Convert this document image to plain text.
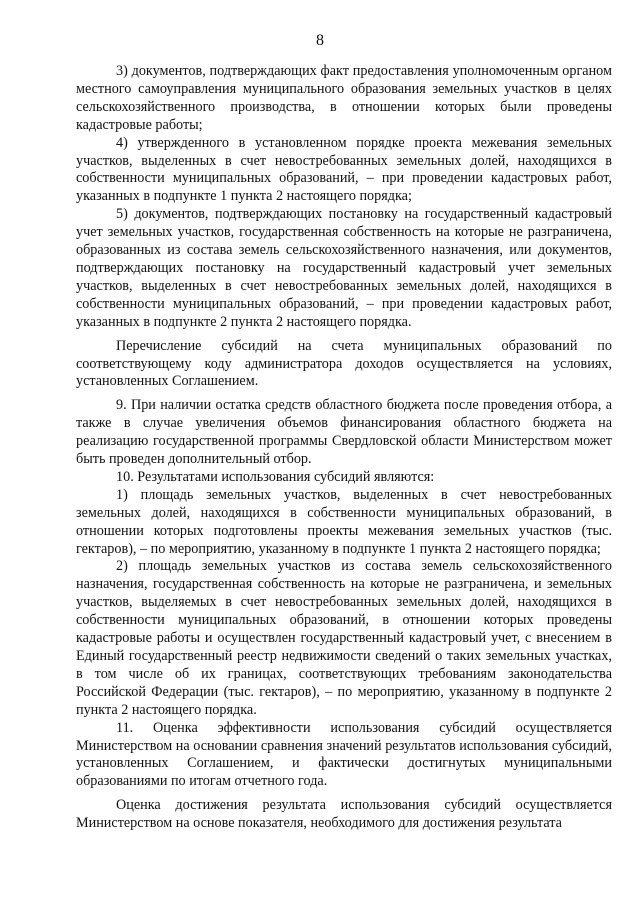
8

3) документов, подтверждающих факт предоставления уполномоченным органом местного самоуправления муниципального образования земельных участков в целях сельскохозяйственного производства, в отношении которых были проведены кадастровые работы;

4) утвержденного в установленном порядке проекта межевания земельных участков, выделенных в счет невостребованных земельных долей, находящихся в собственности муниципальных образований, – при проведении кадастровых работ, указанных в подпункте 1 пункта 2 настоящего порядка;

5) документов, подтверждающих постановку на государственный кадастровый учет земельных участков, государственная собственность на которые не разграничена, образованных из состава земель сельскохозяйственного назначения, или документов, подтверждающих постановку на государственный кадастровый учет земельных участков, выделенных в счет невостребованных земельных долей, находящихся в собственности муниципальных образований, – при проведении кадастровых работ, указанных в подпункте 2 пункта 2 настоящего порядка.

Перечисление субсидий на счета муниципальных образований по соответствующему коду администратора доходов осуществляется на условиях, установленных Соглашением.

9. При наличии остатка средств областного бюджета после проведения отбора, а также в случае увеличения объемов финансирования областного бюджета на реализацию государственной программы Свердловской области Министерством может быть проведен дополнительный отбор.

10. Результатами использования субсидий являются:

1) площадь земельных участков, выделенных в счет невостребованных земельных долей, находящихся в собственности муниципальных образований, в отношении которых подготовлены проекты межевания земельных участков (тыс. гектаров), – по мероприятию, указанному в подпункте 1 пункта 2 настоящего порядка;

2) площадь земельных участков из состава земель сельскохозяйственного назначения, государственная собственность на которые не разграничена, и земельных участков, выделяемых в счет невостребованных земельных долей, находящихся в собственности муниципальных образований, в отношении которых проведены кадастровые работы и осуществлен государственный кадастровый учет, с внесением в Единый государственный реестр недвижимости сведений о таких земельных участках, в том числе об их границах, соответствующих требованиям законодательства Российской Федерации (тыс. гектаров), – по мероприятию, указанному в подпункте 2 пункта 2 настоящего порядка.

11. Оценка эффективности использования субсидий осуществляется Министерством на основании сравнения значений результатов использования субсидий, установленных Соглашением, и фактически достигнутых муниципальными образованиями по итогам отчетного года.

Оценка достижения результата использования субсидий осуществляется Министерством на основе показателя, необходимого для достижения результата
